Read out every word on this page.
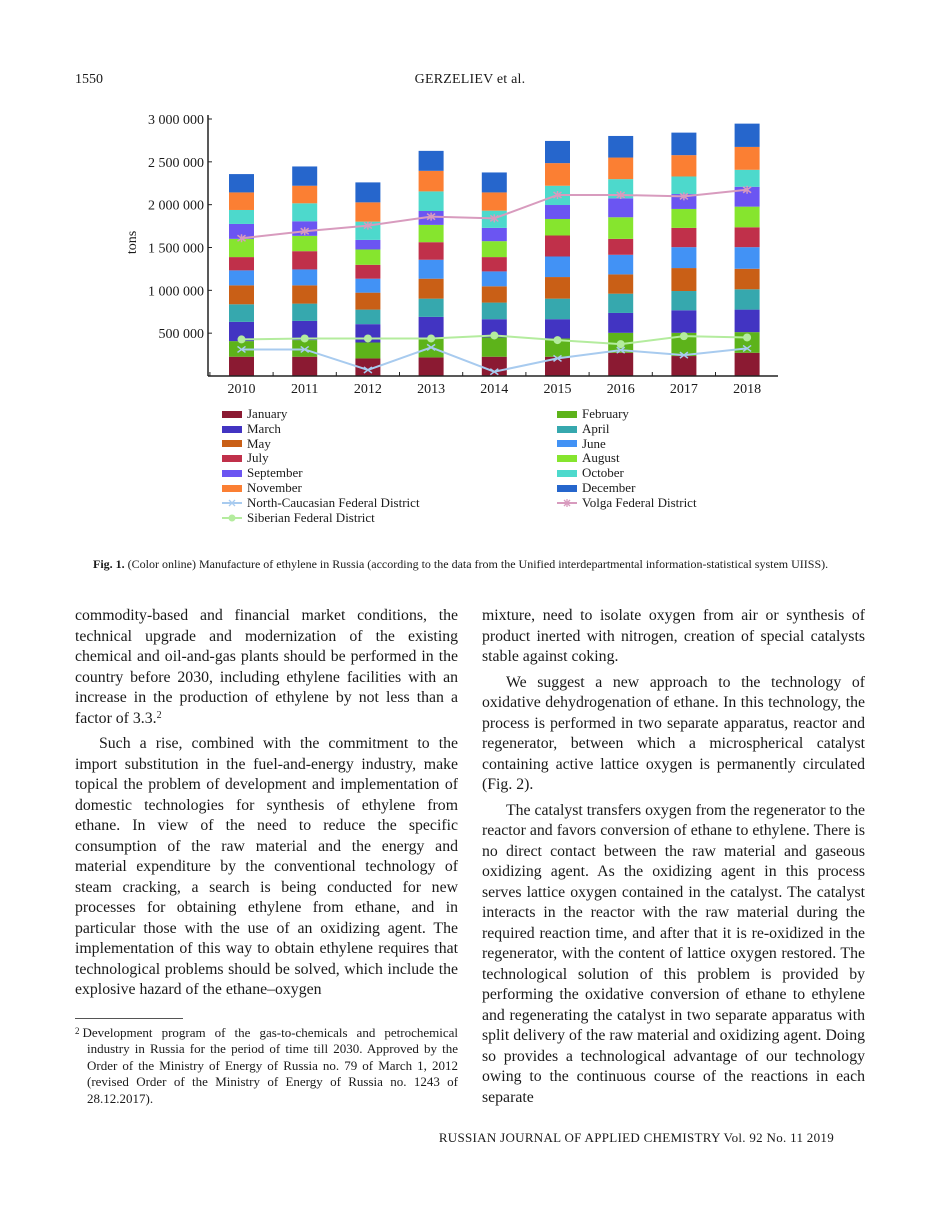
1550	GERZELIEV et al.
500 000
1 000 000
1 500 000
2 000 000
2 500 000
3 000 000
2010	2011	2012	2013	2014	2015	2016	2017	2018
tons
January
March
May
July
September
November
North-Caucasian Federal District
Siberian Federal District
February
April
June
August
October
December
Volga Federal District
Fig. 1. (Color online) Manufacture of ethylene in Russia (according to the data from the Unified interdepartmental information-statistical system UIISS).

commodity-based and financial market conditions, the technical upgrade and modernization of the existing chemical and oil-and-gas plants should be performed in the country before 2030, including ethylene facilities with an increase in the production of ethylene by not less than a factor of 3.3.$^2$

Such a rise, combined with the commitment to the import substitution in the fuel-and-energy industry, make topical the problem of development and implementation of domestic technologies for synthesis of ethylene from ethane. In view of the need to reduce the specific consumption of the raw material and the energy and material expenditure by the conventional technology of steam cracking, a search is being conducted for new processes for obtaining ethylene from ethane, and in particular those with the use of an oxidizing agent. The implementation of this way to obtain ethylene requires that technological problems should be solved, which include the explosive hazard of the ethane–oxygen

mixture, need to isolate oxygen from air or synthesis of product inerted with nitrogen, creation of special catalysts stable against coking.

We suggest a new approach to the technology of oxidative dehydrogenation of ethane. In this technology, the process is performed in two separate apparatus, reactor and regenerator, between which a microspherical catalyst containing active lattice oxygen is permanently circulated (Fig. 2).

The catalyst transfers oxygen from the regenerator to the reactor and favors conversion of ethane to ethylene. There is no direct contact between the raw material and gaseous oxidizing agent. As the oxidizing agent in this process serves lattice oxygen contained in the catalyst. The catalyst interacts in the reactor with the raw material during the required reaction time, and after that it is re-oxidized in the regenerator, with the content of lattice oxygen restored. The technological solution of this problem is provided by performing the oxidative conversion of ethane to ethylene and regenerating the catalyst in two separate apparatus with split delivery of the raw material and oxidizing agent. Doing so provides a technological advantage of our technology owing to the continuous course of the reactions in each separate

$^2$ Development program of the gas-to-chemicals and petrochemical industry in Russia for the period of time till 2030. Approved by the Order of the Ministry of Energy of Russia no. 79 of March 1, 2012 (revised Order of the Ministry of Energy of Russia no. 1243 of 28.12.2017).
RUSSIAN JOURNAL OF APPLIED CHEMISTRY Vol. 92 No. 11 2019
